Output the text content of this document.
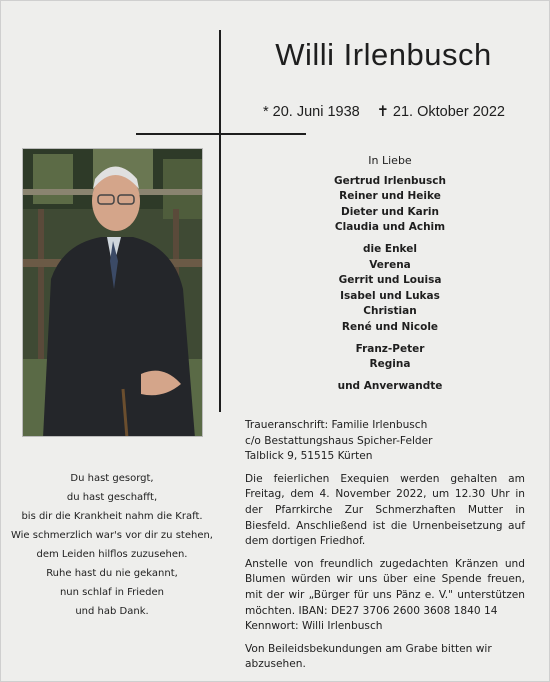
Willi Irlenbusch
* 20. Juni 1938 ✝ 21. Oktober 2022
In Liebe
Gertrud Irlenbusch
Reiner und Heike
Dieter und Karin
Claudia und Achim
die Enkel
Verena
Gerrit und Louisa
Isabel und Lukas
Christian
René und Nicole
Franz-Peter
Regina
und Anverwandte
Du hast gesorgt,
du hast geschafft,
bis dir die Krankheit nahm die Kraft.
Wie schmerzlich war's vor dir zu stehen,
dem Leiden hilflos zuzusehen.
Ruhe hast du nie gekannt,
nun schlaf in Frieden
und hab Dank.

Traueranschrift: Familie Irlenbusch
c/o Bestattungshaus Spicher-Felder
Talblick 9, 51515 Kürten

Die feierlichen Exequien werden gehalten am Freitag, dem 4. November 2022, um 12.30 Uhr in der Pfarrkirche Zur Schmerzhaften Mutter in Biesfeld. Anschließend ist die Urnenbeisetzung auf dem dortigen Friedhof.

Anstelle von freundlich zugedachten Kränzen und Blumen würden wir uns über eine Spende freuen, mit der wir „Bürger für uns Pänz e. V." unterstützen möchten. IBAN: DE27 3706 2600 3608 1840 14
Kennwort: Willi Irlenbusch

Von Beileidsbekundungen am Grabe bitten wir abzusehen.
